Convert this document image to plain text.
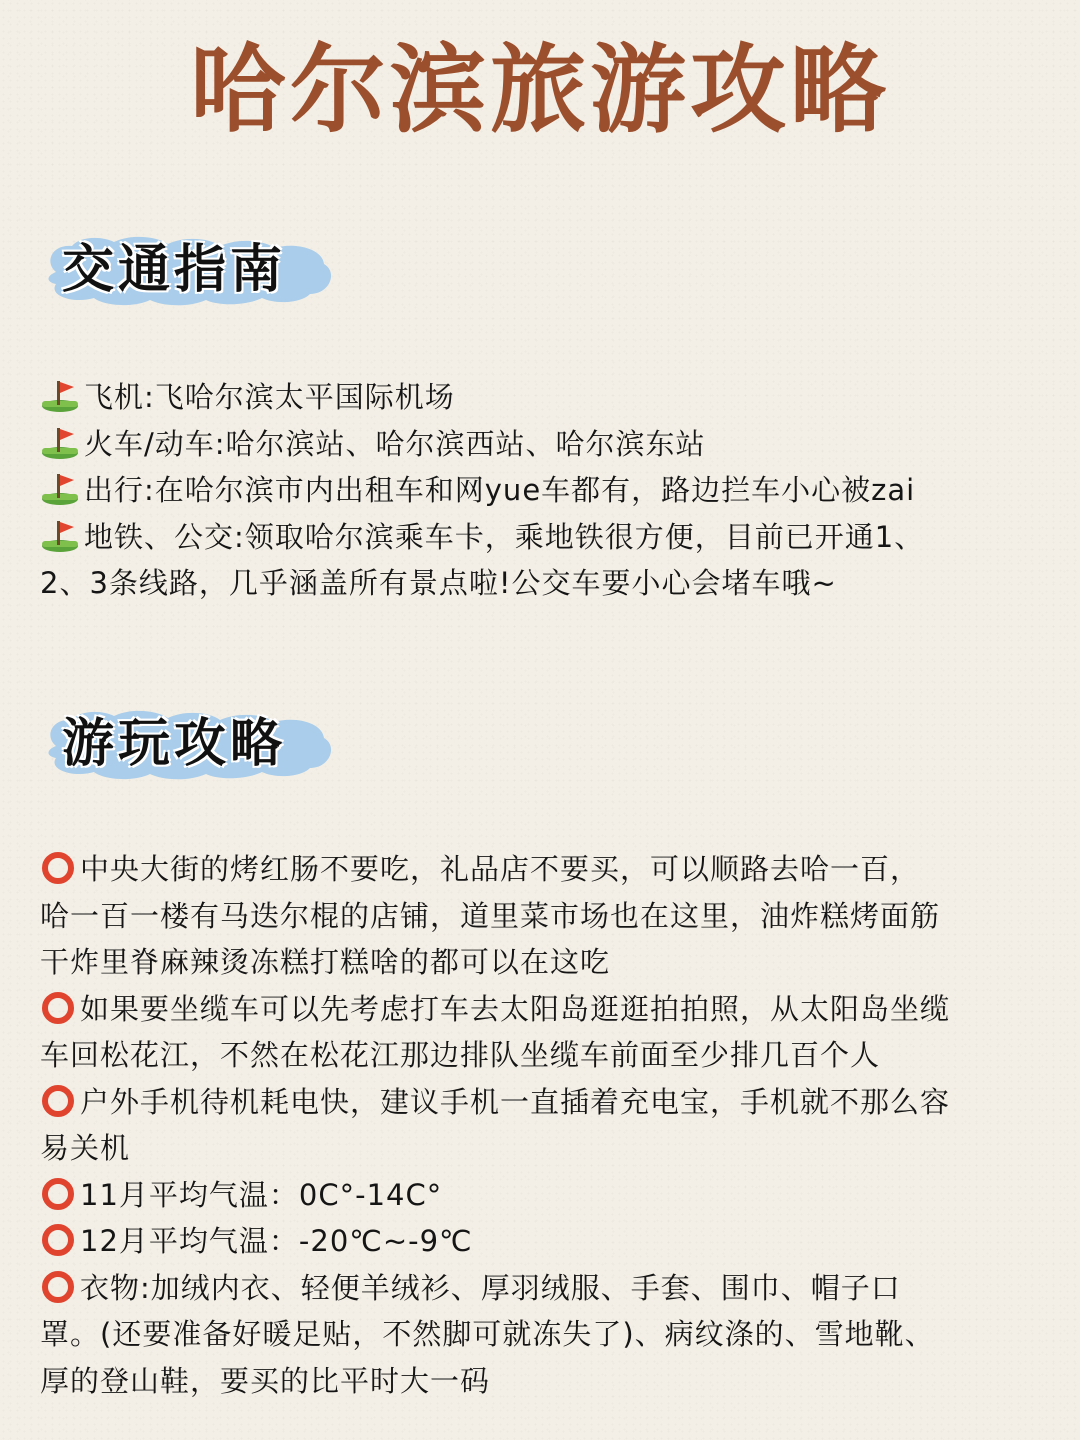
哈尔滨旅游攻略
交通指南
飞机:飞哈尔滨太平国际机场
火车/动车:哈尔滨站、哈尔滨西站、哈尔滨东站
出行:在哈尔滨市内出租车和网yue车都有，路边拦车小心被zai
地铁、公交:领取哈尔滨乘车卡，乘地铁很方便，目前已开通1、
2、3条线路，几乎涵盖所有景点啦!公交车要小心会堵车哦~
游玩攻略
中央大街的烤红肠不要吃，礼品店不要买，可以顺路去哈一百，
哈一百一楼有马迭尔棍的店铺，道里菜市场也在这里，油炸糕烤面筋
干炸里脊麻辣烫冻糕打糕啥的都可以在这吃
如果要坐缆车可以先考虑打车去太阳岛逛逛拍拍照，从太阳岛坐缆
车回松花江，不然在松花江那边排队坐缆车前面至少排几百个人
户外手机待机耗电快，建议手机一直插着充电宝，手机就不那么容
易关机
11月平均气温：0C°-14C°
12月平均气温：-20℃~-9℃
衣物:加绒内衣、轻便羊绒衫、厚羽绒服、手套、围巾、帽子口
罩。(还要准备好暖足贴，不然脚可就冻失了)、病纹涤的、雪地靴、
厚的登山鞋，要买的比平时大一码
